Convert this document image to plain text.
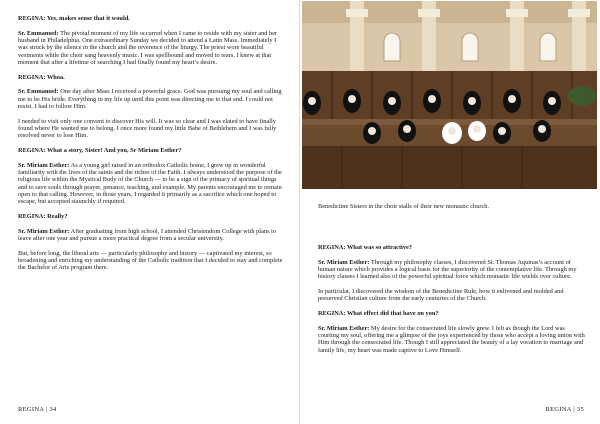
REGINA: Yes, makes sense that it would.

Sr. Emmanuel: The pivotal moment of my life occurred when I came to reside with my sister and her husband in Philadelphia. One extraordinary Sunday we decided to attend a Latin Mass. Immediately I was struck by the silence in the church and the reverence of the liturgy. The priest wore beautiful vestments while the choir sang heavenly music. I was spellbound and moved to tears. I knew at that moment that after a lifetime of searching I had finally found my heart’s desire.

REGINA: Whoa.

Sr. Emmanuel: One day after Mass I received a powerful grace. God was pursuing my soul and calling me to be His bride. Everything in my life up until this point was directing me to that end. I could not resist. I had to follow Him.

I needed to visit only one convent to discover His will. It was so clear and I was elated to have finally found where He wanted me to belong. I once more found my little Babe of Bethlehem and I was fully resolved never to lose Him.

REGINA: What a story, Sister! And you, Sr Miriam Esther?

Sr. Miriam Esther: As a young girl raised in an orthodox Catholic home, I grew up in wonderful familiarity with the lives of the saints and the riches of the Faith. I always understood the purpose of the religious life within the Mystical Body of the Church — to be a sign of the primacy of spiritual things and to save souls through prayer, penance, teaching, and example. My parents encouraged me to remain open to that calling. However, in those years, I regarded it primarily as a sacrifice which one hoped to escape, but accepted staunchly if required.

REGINA: Really?

Sr. Miriam Esther: After graduating from high school, I attended Christendom College with plans to leave after one year and pursue a more practical degree from a secular university.

But, before long, the liberal arts — particularly philosophy and history — captivated my interest, so broadening and enriching my understanding of the Catholic tradition that I decided to stay and complete the Bachelor of Arts program there.

REGINA | 34
Benedictine Sisters in the choir stalls of their new monastic church.

REGINA: What was so attractive?

Sr. Miriam Esther: Through my philosophy classes, I discovered St. Thomas Aquinas’s account of human nature which provides a logical basis for the superiority of the contemplative life. Through my history classes I learned also of the powerful spiritual force which monastic life wields over culture.

In particular, I discovered the wisdom of the Benedictine Rule, how it enlivened and molded and preserved Christian culture from the early centuries of the Church.

REGINA: What effect did that have on you?

Sr. Miriam Esther: My desire for the consecrated life slowly grew. I felt as though the Lord was courting my soul, offering me a glimpse of the joys experienced by those who accept a loving union with Him through the consecrated life. Though I still appreciated the beauty of a lay vocation to marriage and family life, my heart was made captive to Love Himself.

REGINA | 35
